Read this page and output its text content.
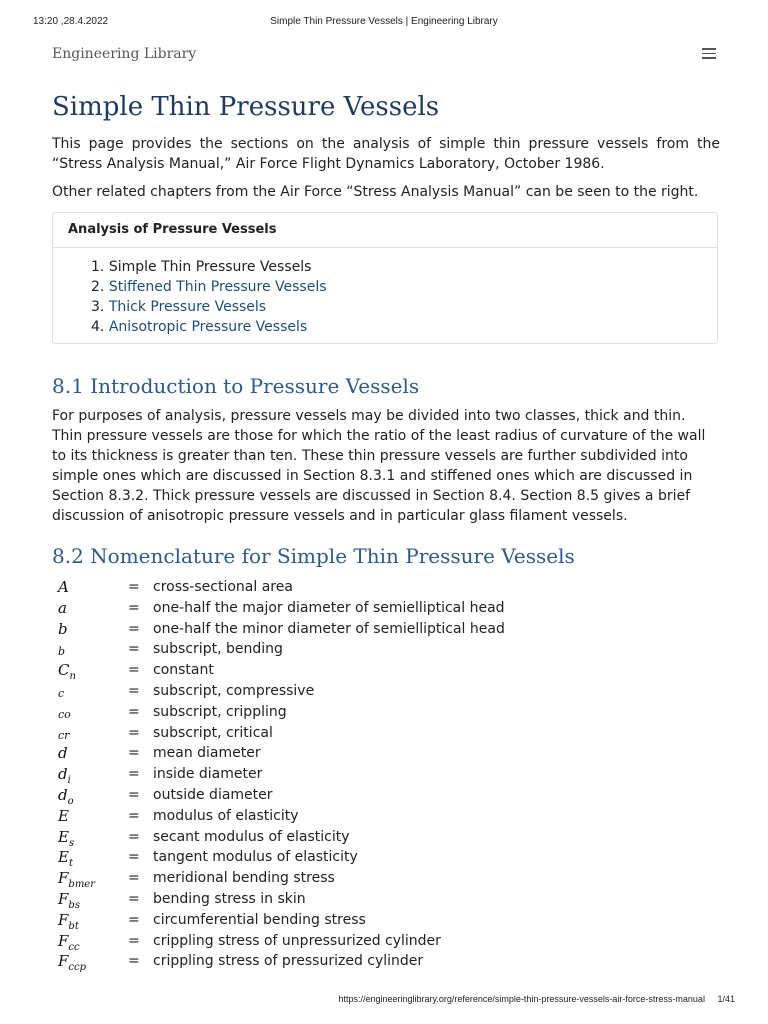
13:20 ,28.4.2022	Simple Thin Pressure Vessels | Engineering Library
Engineering Library
Simple Thin Pressure Vessels

This page provides the sections on the analysis of simple thin pressure vessels from the “Stress Analysis Manual,” Air Force Flight Dynamics Laboratory, October 1986.

Other related chapters from the Air Force “Stress Analysis Manual” can be seen to the right.

Analysis of Pressure Vessels
1. Simple Thin Pressure Vessels
2. Stiffened Thin Pressure Vessels
3. Thick Pressure Vessels
4. Anisotropic Pressure Vessels
8.1 Introduction to Pressure Vessels

For purposes of analysis, pressure vessels may be divided into two classes, thick and thin. Thin pressure vessels are those for which the ratio of the least radius of curvature of the wall to its thickness is greater than ten. These thin pressure vessels are further subdivided into simple ones which are discussed in Section 8.3.1 and stiffened ones which are discussed in Section 8.3.2. Thick pressure vessels are discussed in Section 8.4. Section 8.5 gives a brief discussion of anisotropic pressure vessels and in particular glass filament vessels.

8.2 Nomenclature for Simple Thin Pressure Vessels
A	= cross-sectional area
a	= one-half the major diameter of semielliptical head
b	= one-half the minor diameter of semielliptical head
b	= subscript, bending
$C_n$	= constant
c	= subscript, compressive
co	= subscript, crippling
cr	= subscript, critical
d	= mean diameter
$d_i$	= inside diameter
$d_o$	= outside diameter
E	= modulus of elasticity
$E_s$	= secant modulus of elasticity
$E_t$	= tangent modulus of elasticity
$F_{bmer}$ = meridional bending stress
$F_{bs}$	= bending stress in skin
$F_{bt}$	= circumferential bending stress
$F_{cc}$	= crippling stress of unpressurized cylinder
$F_{ccp}$	= crippling stress of pressurized cylinder
https://engineeringlibrary.org/reference/simple-thin-pressure-vessels-air-force-stress-manual 1/41
